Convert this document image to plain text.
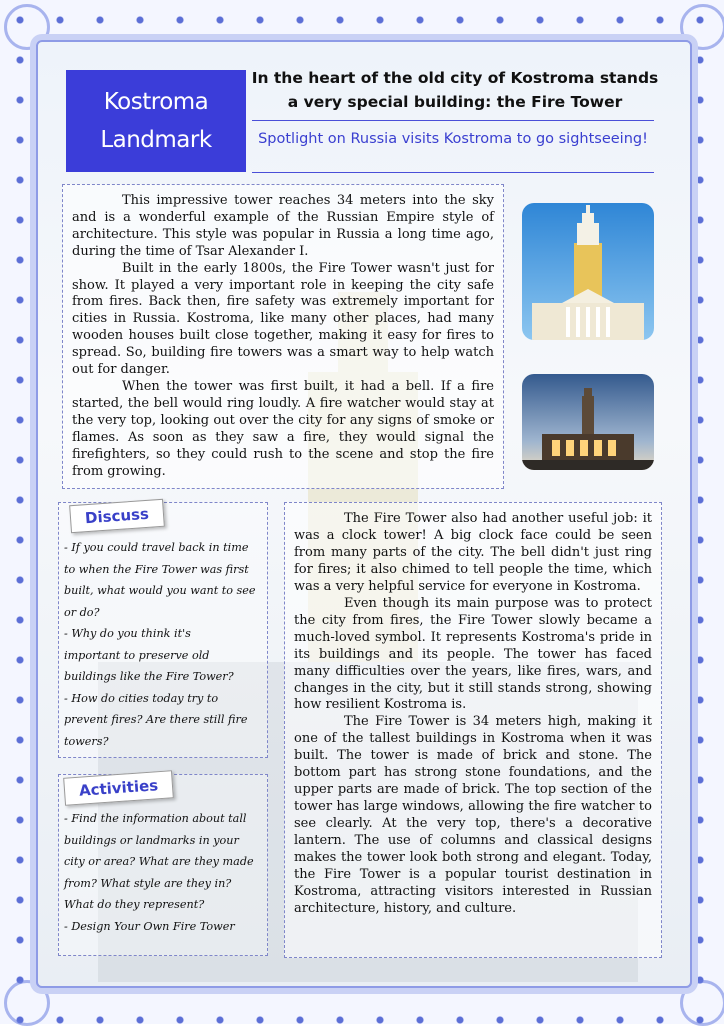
Kostroma
Landmark
In the heart of the old city of Kostroma stands a very special building: the Fire Tower
Spotlight on Russia visits Kostroma to go sightseeing!

This impressive tower reaches 34 meters into the sky and is a wonderful example of the Russian Empire style of architecture. This style was popular in Russia a long time ago, during the time of Tsar Alexander I.

Built in the early 1800s, the Fire Tower wasn't just for show. It played a very important role in keeping the city safe from fires. Back then, fire safety was extremely important for cities in Russia. Kostroma, like many other places, had many wooden houses built close together, making it easy for fires to spread. So, building fire towers was a smart way to help watch out for danger.

When the tower was first built, it had a bell. If a fire started, the bell would ring loudly. A fire watcher would stay at the very top, looking out over the city for any signs of smoke or flames. As soon as they saw a fire, they would signal the firefighters, so they could rush to the scene and stop the fire from growing.

The Fire Tower also had another useful job: it was a clock tower! A big clock face could be seen from many parts of the city. The bell didn't just ring for fires; it also chimed to tell people the time, which was a very helpful service for everyone in Kostroma.

Even though its main purpose was to protect the city from fires, the Fire Tower slowly became a much-loved symbol. It represents Kostroma's pride in its buildings and its people. The tower has faced many difficulties over the years, like fires, wars, and changes in the city, but it still stands strong, showing how resilient Kostroma is.

The Fire Tower is 34 meters high, making it one of the tallest buildings in Kostroma when it was built. The tower is made of brick and stone. The bottom part has strong stone foundations, and the upper parts are made of brick. The top section of the tower has large windows, allowing the fire watcher to see clearly. At the very top, there's a decorative lantern. The use of columns and classical designs makes the tower look both strong and elegant. Today, the Fire Tower is a popular tourist destination in Kostroma, attracting visitors interested in Russian architecture, history, and culture.

Discuss
- If you could travel back in time
to when the Fire Tower was first
built, what would you want to see
or do?
- Why do you think it's
important to preserve old
buildings like the Fire Tower?
- How do cities today try to
prevent fires? Are there still fire
towers?
Activities
- Find the information about tall
buildings or landmarks in your
city or area? What are they made
from? What style are they in?
What do they represent?
- Design Your Own Fire Tower
